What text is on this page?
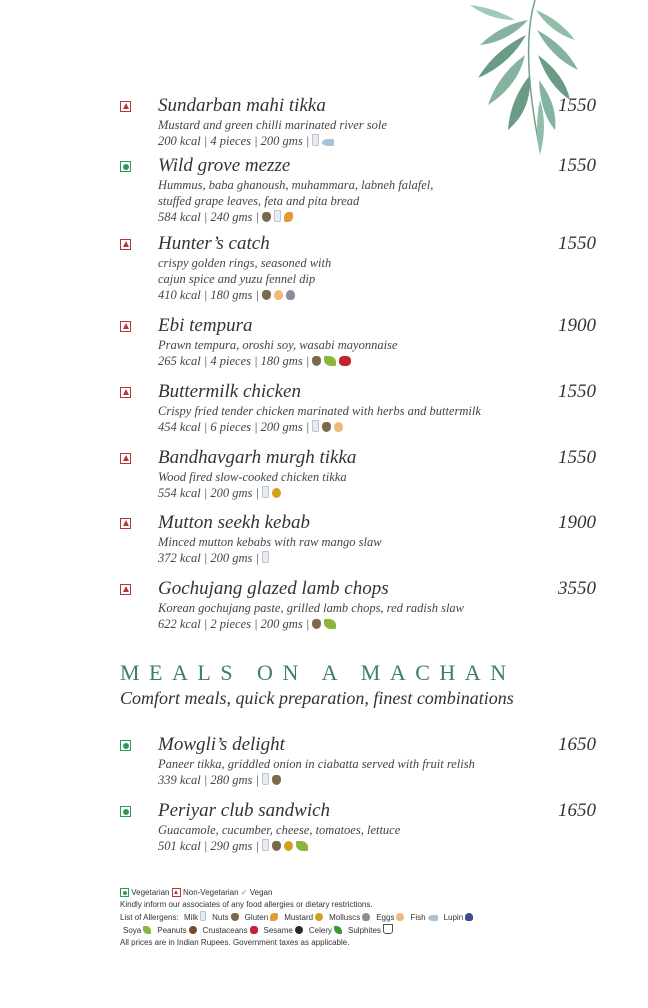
Sundarban mahi tikka	1550
Mustard and green chilli marinated river sole
200 kcal | 4 pieces | 200 gms |
Wild grove mezze	1550
Hummus, baba ghanoush, muhammara, labneh falafel,
stuffed grape leaves, feta and pita bread
584 kcal | 240 gms |
Hunter’s catch	1550
crispy golden rings, seasoned with
cajun spice and yuzu fennel dip
410 kcal | 180 gms |
Ebi tempura	1900
Prawn tempura, oroshi soy, wasabi mayonnaise
265 kcal | 4 pieces | 180 gms |
Buttermilk chicken	1550
Crispy fried tender chicken marinated with herbs and buttermilk
454 kcal | 6 pieces | 200 gms |
Bandhavgarh murgh tikka	1550
Wood fired slow-cooked chicken tikka
554 kcal | 200 gms |
Mutton seekh kebab	1900
Minced mutton kebabs with raw mango slaw
372 kcal | 200 gms |
Gochujang glazed lamb chops	3550
Korean gochujang paste, grilled lamb chops, red radish slaw
622 kcal | 2 pieces | 200 gms |
MEALS ON A MACHAN
Comfort meals, quick preparation, finest combinations
Mowgli’s delight	1650
Paneer tikka, griddled onion in ciabatta served with fruit relish
339 kcal | 280 gms |
Periyar club sandwich	1650
Guacamole, cucumber, cheese, tomatoes, lettuce
501 kcal | 290 gms |
Vegetarian Non-Vegetarian ✓ Vegan
Kindly inform our associates of any food allergies or dietary restrictions.
List of Allergens: Milk Nuts Gluten Mustard Molluscs Eggs Fish Lupin
Soya Peanuts Crustaceans Sesame Celery Sulphites
All prices are in Indian Rupees. Government taxes as applicable.
